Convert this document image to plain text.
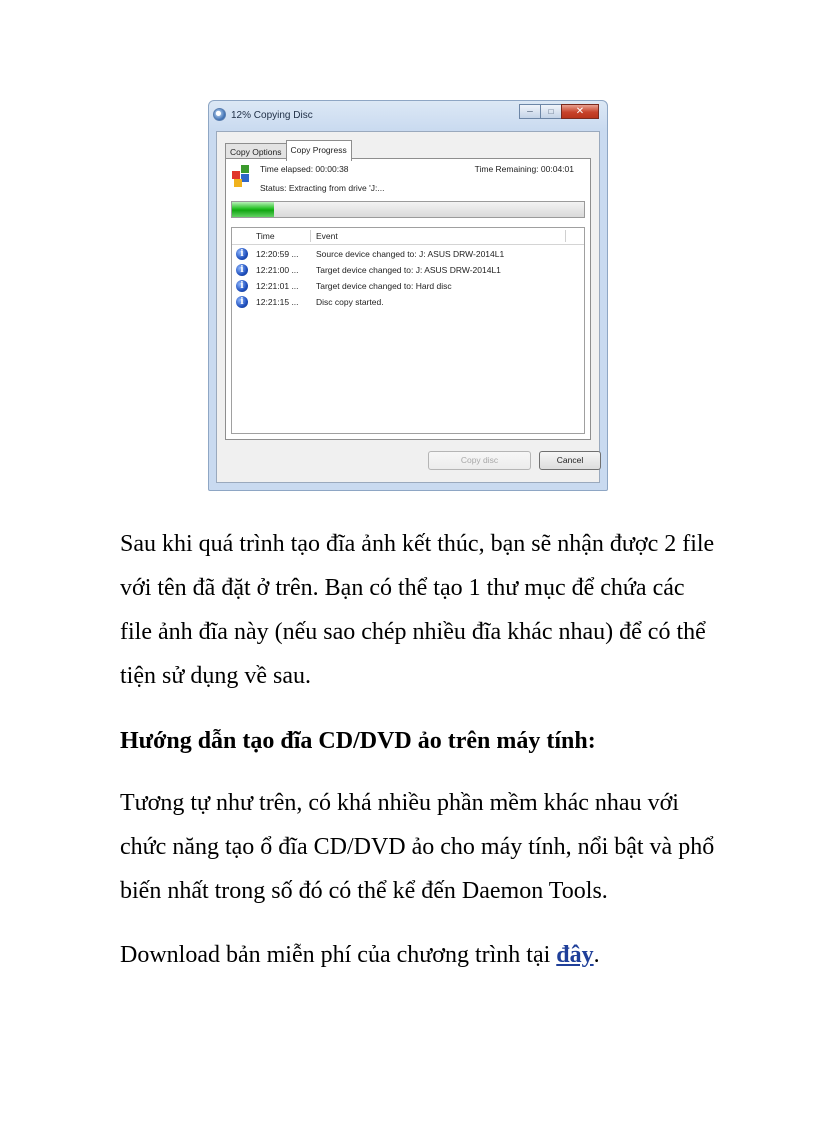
12% Copying Disc	─	□	✕
Copy Options	Copy Progress
Time elapsed: 00:00:38	Time Remaining: 00:04:01
Status: Extracting from drive 'J:...
Time	Event
i	12:20:59 ... Source device changed to: J: ASUS DRW-2014L1
i	12:21:00 ... Target device changed to: J: ASUS DRW-2014L1
i	12:21:01 ... Target device changed to: Hard disc
i	12:21:15 ... Disc copy started.
Copy disc	Cancel

Sau khi quá trình tạo đĩa ảnh kết thúc, bạn sẽ nhận được 2 file với tên đã đặt ở trên. Bạn có thể tạo 1 thư mục để chứa các file ảnh đĩa này (nếu sao chép nhiều đĩa khác nhau) để có thể tiện sử dụng về sau.

Hướng dẫn tạo đĩa CD/DVD ảo trên máy tính:

Tương tự như trên, có khá nhiều phần mềm khác nhau với chức năng tạo ổ đĩa CD/DVD ảo cho máy tính, nổi bật và phổ biến nhất trong số đó có thể kể đến Daemon Tools.

Download bản miễn phí của chương trình tại đây.
